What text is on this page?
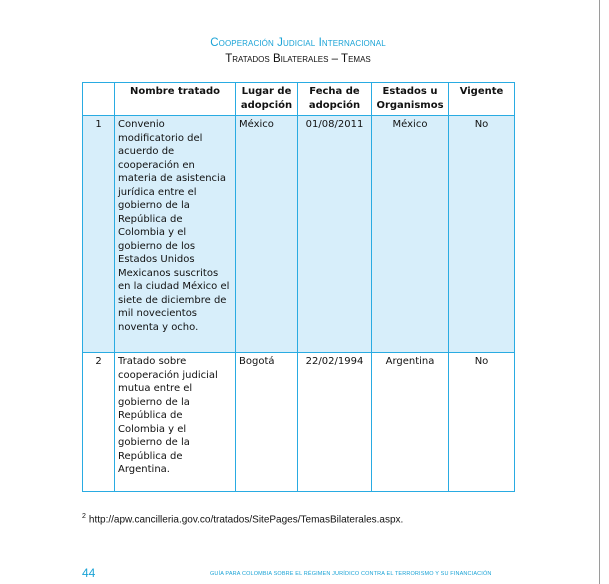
Cooperación Judicial Internacional
Tratados Bilaterales – Temas
	Nombre tratado	Lugar de adopción	Fecha de adopción	Estados u Organismos	Vigente
1	Convenio modificatorio del acuerdo de cooperación en materia de asistencia jurídica entre el gobierno de la República de Colombia y el gobierno de los Estados Unidos Mexicanos suscritos en la ciudad México el siete de diciembre de mil novecientos noventa y ocho.	México	01/08/2011	México	No
2	Tratado sobre cooperación judicial mutua entre el gobierno de la República de Colombia y el gobierno de la República de Argentina.	Bogotá	22/02/1994	Argentina	No
$^2$ http://apw.cancilleria.gov.co/tratados/SitePages/TemasBilaterales.aspx.
44	GUÍA PARA COLOMBIA SOBRE EL RÉGIMEN JURÍDICO CONTRA EL TERRORISMO Y SU FINANCIACIÓN
